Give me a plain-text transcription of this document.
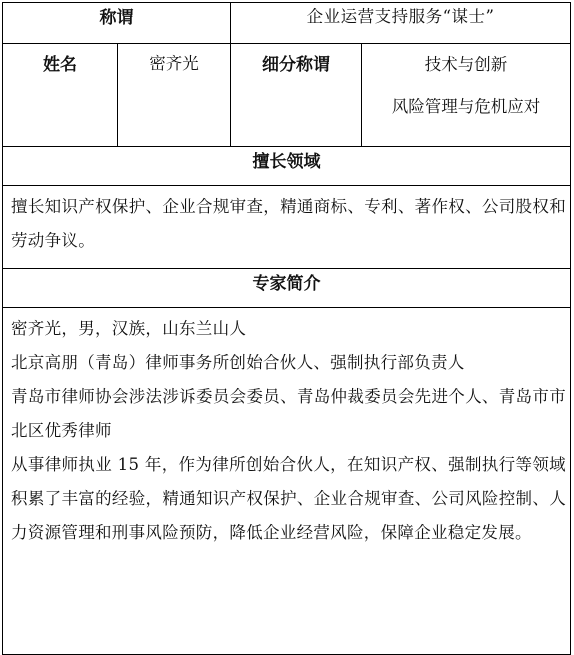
称谓		企业运营支持服务“谋士”	
姓名	密齐光	细分称谓	技术与创新
风险管理与危机应对

擅长领域			
擅长知识产权保护、企业合规审查，精通商标、专利、著作权、公司股权和劳动争议。			
专家简介			

密齐光，男，汉族，山东兰山人
北京高朋（青岛）律师事务所创始合伙人、强制执行部负责人
青岛市律师协会涉法涉诉委员会委员、青岛仲裁委员会先进个人、青岛市市北区优秀律师
从事律师执业 15 年，作为律所创始合伙人，在知识产权、强制执行等领域积累了丰富的经验，精通知识产权保护、企业合规审查、公司风险控制、人力资源管理和刑事风险预防，降低企业经营风险，保障企业稳定发展。			
